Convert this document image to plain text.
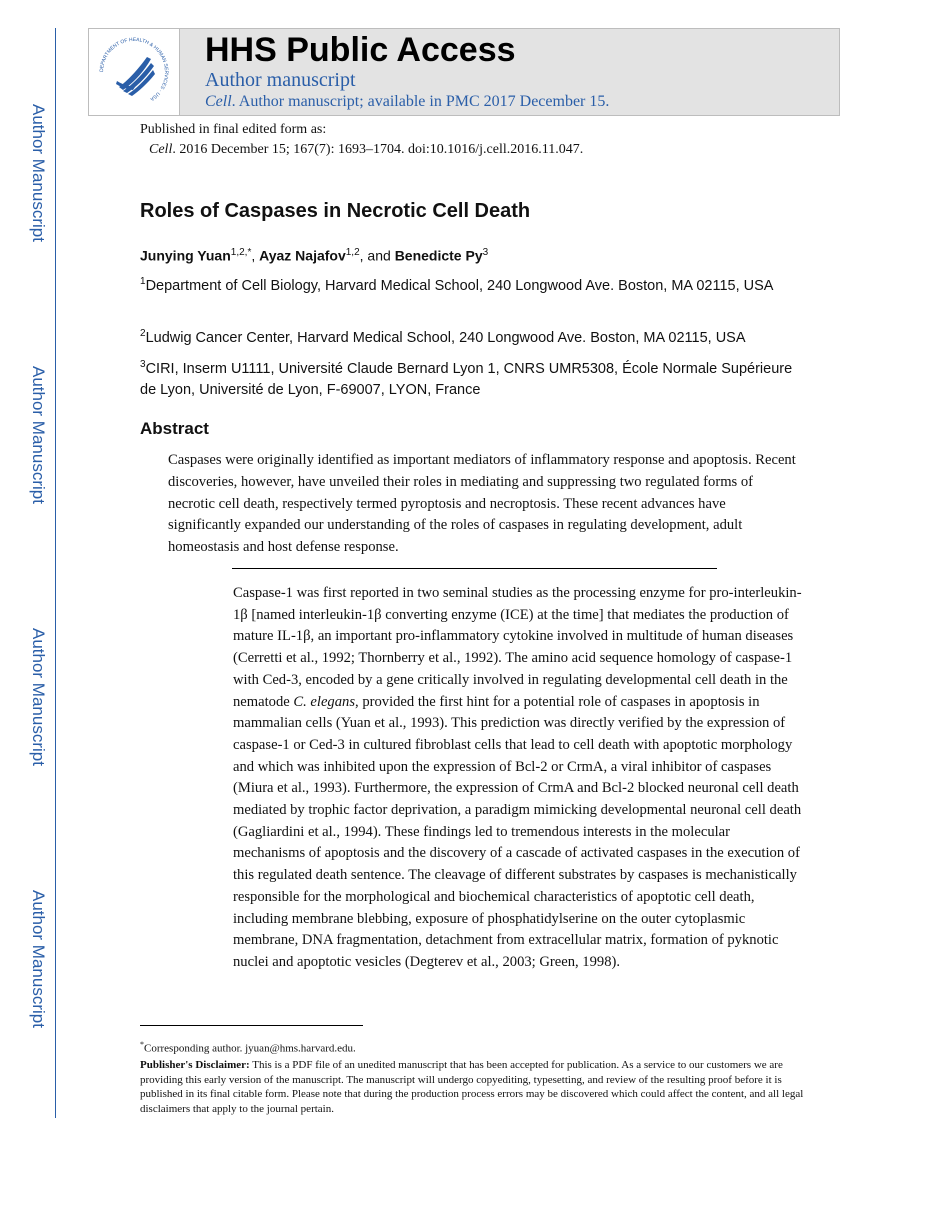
Author Manuscript
Author Manuscript
Author Manuscript
Author Manuscript
DEPARTMENT OF HEALTH & HUMAN SERVICES · USA
HHS Public Access
Author manuscript
Cell. Author manuscript; available in PMC 2017 December 15.
Published in final edited form as:
Cell. 2016 December 15; 167(7): 1693–1704. doi:10.1016/j.cell.2016.11.047.
Roles of Caspases in Necrotic Cell Death
Junying Yuan$^{1,2,*}$, Ayaz Najafov$^{1,2}$, and Benedicte Py$^3$
$^1$Department of Cell Biology, Harvard Medical School, 240 Longwood Ave. Boston, MA 02115, USA
$^2$Ludwig Cancer Center, Harvard Medical School, 240 Longwood Ave. Boston, MA 02115, USA
$^3$CIRI, Inserm U1111, Université Claude Bernard Lyon 1, CNRS UMR5308, École Normale Supérieure de Lyon, Université de Lyon, F-69007, LYON, France
Abstract
Caspases were originally identified as important mediators of inflammatory response and apoptosis. Recent discoveries, however, have unveiled their roles in mediating and suppressing two regulated forms of necrotic cell death, respectively termed pyroptosis and necroptosis. These recent advances have significantly expanded our understanding of the roles of caspases in regulating development, adult homeostasis and host defense response.
Caspase-1 was first reported in two seminal studies as the processing enzyme for pro-interleukin-1β [named interleukin-1β converting enzyme (ICE) at the time] that mediates the production of mature IL-1β, an important pro-inflammatory cytokine involved in multitude of human diseases (Cerretti et al., 1992; Thornberry et al., 1992). The amino acid sequence homology of caspase-1 with Ced-3, encoded by a gene critically involved in regulating developmental cell death in the nematode C. elegans, provided the first hint for a potential role of caspases in apoptosis in mammalian cells (Yuan et al., 1993). This prediction was directly verified by the expression of caspase-1 or Ced-3 in cultured fibroblast cells that lead to cell death with apoptotic morphology and which was inhibited upon the expression of Bcl-2 or CrmA, a viral inhibitor of caspases (Miura et al., 1993). Furthermore, the expression of CrmA and Bcl-2 blocked neuronal cell death mediated by trophic factor deprivation, a paradigm mimicking developmental neuronal cell death (Gagliardini et al., 1994). These findings led to tremendous interests in the molecular mechanisms of apoptosis and the discovery of a cascade of activated caspases in the execution of this regulated death sentence. The cleavage of different substrates by caspases is mechanistically responsible for the morphological and biochemical characteristics of apoptotic cell death, including membrane blebbing, exposure of phosphatidylserine on the outer cytoplasmic membrane, DNA fragmentation, detachment from extracellular matrix, formation of pyknotic nuclei and apoptotic vesicles (Degterev et al., 2003; Green, 1998).
*Corresponding author. jyuan@hms.harvard.edu.
Publisher's Disclaimer: This is a PDF file of an unedited manuscript that has been accepted for publication. As a service to our customers we are providing this early version of the manuscript. The manuscript will undergo copyediting, typesetting, and review of the resulting proof before it is published in its final citable form. Please note that during the production process errors may be discovered which could affect the content, and all legal disclaimers that apply to the journal pertain.
